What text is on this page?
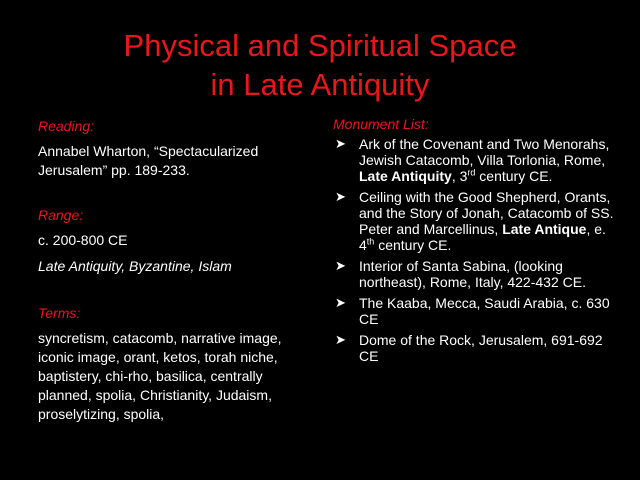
Physical and Spiritual Space
in Late Antiquity
Reading:
Annabel Wharton, “Spectacularized Jerusalem” pp. 189-233.
Range:
c. 200-800 CE
Late Antiquity, Byzantine, Islam
Terms:
syncretism, catacomb, narrative image, iconic image, orant, ketos, torah niche, baptistery, chi-rho, basilica, centrally planned, spolia, Christianity, Judaism, proselytizing, spolia,
Monument List:
➤ Ark of the Covenant and Two Menorahs, Jewish Catacomb, Villa Torlonia, Rome, Late Antiquity, 3rd century CE.
➤ Ceiling with the Good Shepherd, Orants, and the Story of Jonah, Catacomb of SS. Peter and Marcellinus, Late Antique, e. 4th century CE.
➤ Interior of Santa Sabina, (looking northeast), Rome, Italy, 422-432 CE.
➤ The Kaaba, Mecca, Saudi Arabia, c. 630 CE
➤ Dome of the Rock, Jerusalem, 691-692 CE
